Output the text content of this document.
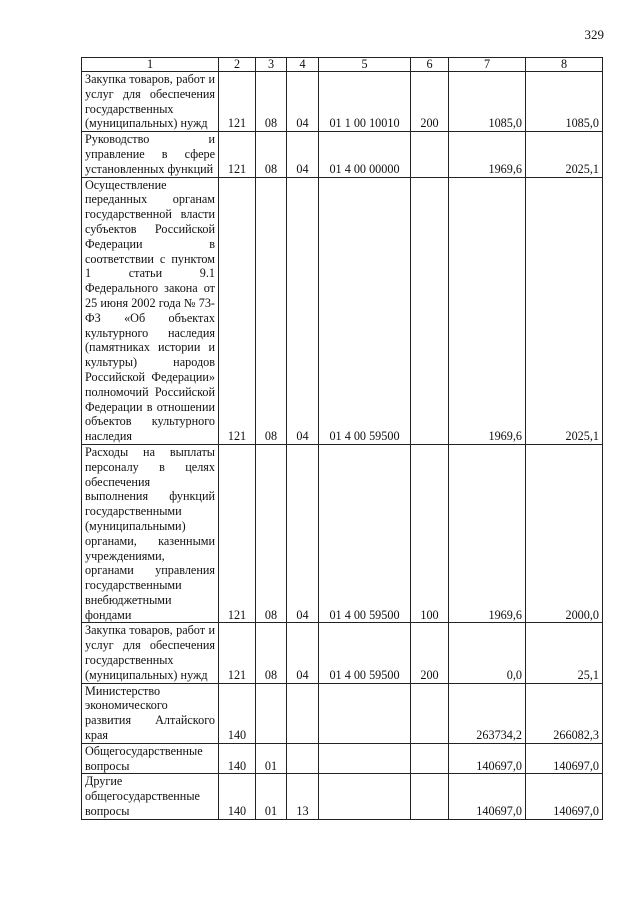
329
1	2	3	4	5	6	7	8
Закупка товаров, работ и услуг для обеспечения государственных (муниципальных) нужд	121	08	04	01 1 00 10010	200	1085,0	1085,0
Руководство и управление в сфере установленных функций	121	08	04	01 4 00 00000		1969,6	2025,1
Осуществление переданных органам государственной власти субъектов Российской Федерации в соответствии с пунктом 1 статьи 9.1 Федерального закона от 25 июня 2002 года № 73-ФЗ «Об объектах культурного наследия (памятниках истории и культуры) народов Российской Федерации» полномочий Российской Федерации в отношении объектов культурного наследия	121	08	04	01 4 00 59500		1969,6	2025,1
Расходы на выплаты персоналу в целях обеспечения выполнения функций государственными (муниципальными) органами, казенными учреждениями, органами управления государственными внебюджетными фондами	121	08	04	01 4 00 59500	100	1969,6	2000,0
Закупка товаров, работ и услуг для обеспечения государственных (муниципальных) нужд	121	08	04	01 4 00 59500	200	0,0	25,1
Министерство экономического развития Алтайского края	140					263734,2	266082,3
Общегосударственные вопросы	140	01				140697,0	140697,0
Другие общегосударственные вопросы	140	01	13			140697,0	140697,0
